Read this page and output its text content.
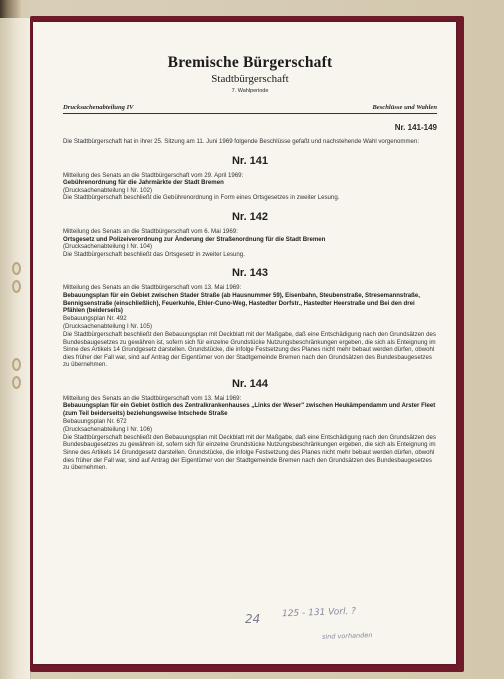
Bremische Bürgerschaft
Stadtbürgerschaft
7. Wahlperiode
Drucksachenabteilung IV	Beschlüsse und Wahlen
Nr. 141-149

Die Stadtbürgerschaft hat in ihrer 25. Sitzung am 11. Juni 1969 folgende Beschlüsse gefaßt und nachstehende Wahl vorgenommen:

Nr. 141

Mitteilung des Senats an die Stadtbürgerschaft vom 29. April 1969:

Gebührenordnung für die Jahrmärkte der Stadt Bremen

(Drucksachenabteilung I Nr. 102)

Die Stadtbürgerschaft beschließt die Gebührenordnung in Form eines Ortsgesetzes in zweiter Lesung.

Nr. 142

Mitteilung des Senats an die Stadtbürgerschaft vom 6. Mai 1969:

Ortsgesetz und Polizeiverordnung zur Änderung der Straßenordnung für die Stadt Bremen

(Drucksachenabteilung I Nr. 104)

Die Stadtbürgerschaft beschließt das Ortsgesetz in zweiter Lesung.

Nr. 143

Mitteilung des Senats an die Stadtbürgerschaft vom 13. Mai 1969:

Bebauungsplan für ein Gebiet zwischen Stader Straße (ab Hausnummer 59), Eisenbahn, Steubenstraße, Stresemannstraße, Bennigsenstraße (einschließlich), Feuerkuhle, Ehler-Cuno-Weg, Hastedter Dorfstr., Hastedter Heerstraße und Bei den drei Pfählen (beiderseits)

Bebauungsplan Nr. 492

(Drucksachenabteilung I Nr. 105)

Die Stadtbürgerschaft beschließt den Bebauungsplan mit Deckblatt mit der Maßgabe, daß eine Entschädigung nach den Grundsätzen des Bundesbaugesetzes zu gewähren ist, sofern sich für einzelne Grundstücke Nutzungsbeschränkungen ergeben, die sich als Enteignung im Sinne des Artikels 14 Grundgesetz darstellen. Grundstücke, die infolge Festsetzung des Planes nicht mehr bebaut werden dürfen, obwohl dies früher der Fall war, sind auf Antrag der Eigentümer von der Stadtgemeinde Bremen nach den Grundsätzen des Bundesbaugesetzes zu übernehmen.

Nr. 144

Mitteilung des Senats an die Stadtbürgerschaft vom 13. Mai 1969:

Bebauungsplan für ein Gebiet östlich des Zentralkrankenhauses „Links der Weser" zwischen Heukämpendamm und Arster Fleet (zum Teil beiderseits) beziehungsweise Intschede Straße

Bebauungsplan Nr. 672

(Drucksachenabteilung I Nr. 106)

Die Stadtbürgerschaft beschließt den Bebauungsplan mit Deckblatt mit der Maßgabe, daß eine Entschädigung nach den Grundsätzen des Bundesbaugesetzes zu gewähren ist, sofern sich für einzelne Grundstücke Nutzungsbeschränkungen ergeben, die sich als Enteignung im Sinne des Artikels 14 Grundgesetz darstellen. Grundstücke, die infolge Festsetzung des Planes nicht mehr bebaut werden dürfen, obwohl dies früher der Fall war, sind auf Antrag der Eigentümer von der Stadtgemeinde Bremen nach den Grundsätzen des Bundesbaugesetzes zu übernehmen.

24 125 - 131 Vorl. ?
sind vorhanden
